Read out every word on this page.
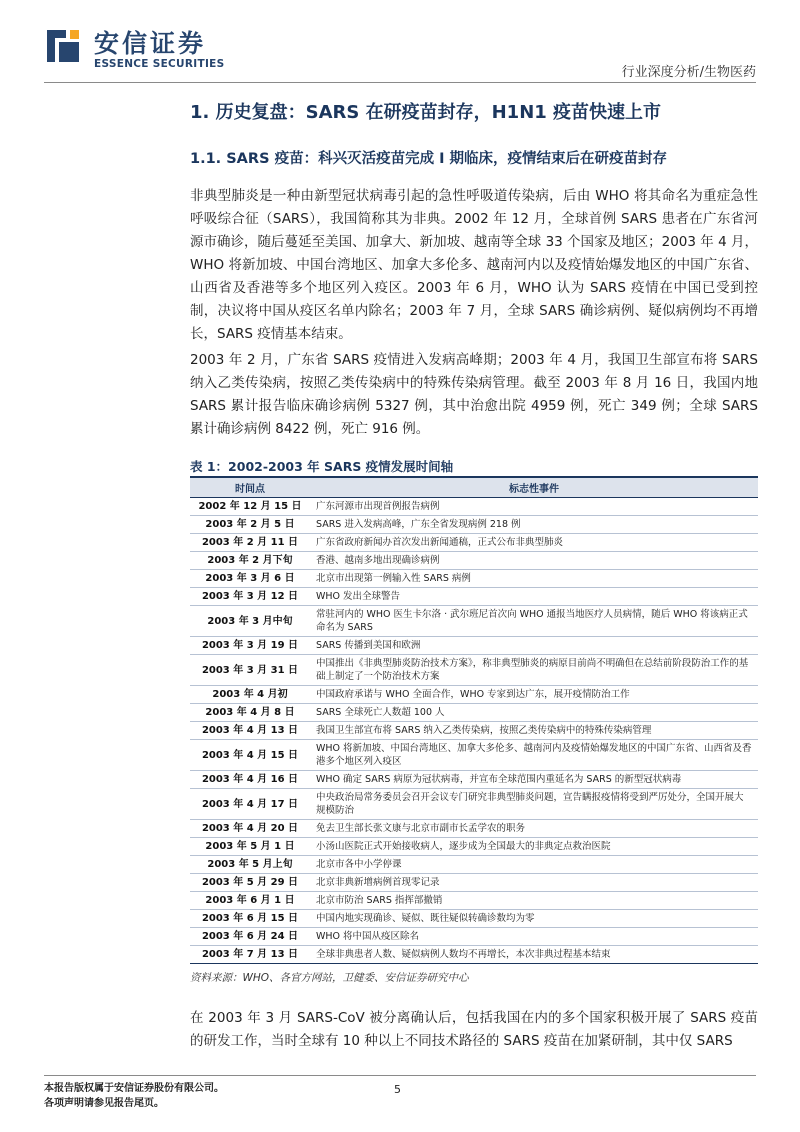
安信证券
ESSENCE SECURITIES
行业深度分析/生物医药
1. 历史复盘：SARS 在研疫苗封存，H1N1 疫苗快速上市
1.1. SARS 疫苗：科兴灭活疫苗完成 I 期临床，疫情结束后在研疫苗封存

非典型肺炎是一种由新型冠状病毒引起的急性呼吸道传染病，后由 WHO 将其命名为重症急性呼吸综合征（SARS），我国简称其为非典。2002 年 12 月，全球首例 SARS 患者在广东省河源市确诊，随后蔓延至美国、加拿大、新加坡、越南等全球 33 个国家及地区；2003 年 4 月，WHO 将新加坡、中国台湾地区、加拿大多伦多、越南河内以及疫情始爆发地区的中国广东省、山西省及香港等多个地区列入疫区。2003 年 6 月，WHO 认为 SARS 疫情在中国已受到控制，决议将中国从疫区名单内除名；2003 年 7 月，全球 SARS 确诊病例、疑似病例均不再增长，SARS 疫情基本结束。

2003 年 2 月，广东省 SARS 疫情进入发病高峰期；2003 年 4 月，我国卫生部宣布将 SARS 纳入乙类传染病，按照乙类传染病中的特殊传染病管理。截至 2003 年 8 月 16 日，我国内地 SARS 累计报告临床确诊病例 5327 例，其中治愈出院 4959 例，死亡 349 例；全球 SARS 累计确诊病例 8422 例，死亡 916 例。

表 1：2002-2003 年 SARS 疫情发展时间轴
时间点	标志性事件
2002 年 12 月 15 日	广东河源市出现首例报告病例
2003 年 2 月 5 日	SARS 进入发病高峰，广东全省发现病例 218 例
2003 年 2 月 11 日	广东省政府新闻办首次发出新闻通稿，正式公布非典型肺炎
2003 年 2 月下旬	香港、越南多地出现确诊病例
2003 年 3 月 6 日	北京市出现第一例输入性 SARS 病例
2003 年 3 月 12 日	WHO 发出全球警告
2003 年 3 月中旬	常驻河内的 WHO 医生卡尔洛 · 武尔班尼首次向 WHO 通报当地医疗人员病情，随后 WHO 将该病正式命名为 SARS
2003 年 3 月 19 日	SARS 传播到美国和欧洲
2003 年 3 月 31 日	中国推出《非典型肺炎防治技术方案》，称非典型肺炎的病原目前尚不明确但在总结前阶段防治工作的基础上制定了一个防治技术方案
2003 年 4 月初	中国政府承诺与 WHO 全面合作，WHO 专家到达广东，展开疫情防治工作
2003 年 4 月 8 日	SARS 全球死亡人数超 100 人
2003 年 4 月 13 日	我国卫生部宣布将 SARS 纳入乙类传染病，按照乙类传染病中的特殊传染病管理
2003 年 4 月 15 日	WHO 将新加坡、中国台湾地区、加拿大多伦多、越南河内及疫情始爆发地区的中国广东省、山西省及香港多个地区列入疫区
2003 年 4 月 16 日	WHO 确定 SARS 病原为冠状病毒，并宣布全球范围内重延名为 SARS 的新型冠状病毒
2003 年 4 月 17 日	中央政治局常务委员会召开会议专门研究非典型肺炎问题，宣告瞒报疫情将受到严厉处分，全国开展大规模防治
2003 年 4 月 20 日	免去卫生部长张文康与北京市副市长孟学农的职务
2003 年 5 月 1 日	小汤山医院正式开始接收病人，逐步成为全国最大的非典定点救治医院
2003 年 5 月上旬	北京市各中小学停课
2003 年 5 月 29 日	北京非典新增病例首现零记录
2003 年 6 月 1 日	北京市防治 SARS 指挥部撤销
2003 年 6 月 15 日	中国内地实现确诊、疑似、既往疑似转确诊数均为零
2003 年 6 月 24 日	WHO 将中国从疫区除名
2003 年 7 月 13 日	全球非典患者人数、疑似病例人数均不再增长，本次非典过程基本结束
资料来源：WHO、各官方网站，卫健委、安信证券研究中心

在 2003 年 3 月 SARS-CoV 被分离确认后，包括我国在内的多个国家积极开展了 SARS 疫苗的研发工作，当时全球有 10 种以上不同技术路径的 SARS 疫苗在加紧研制，其中仅 SARS

本报告版权属于安信证券股份有限公司。
各项声明请参见报告尾页。
5
